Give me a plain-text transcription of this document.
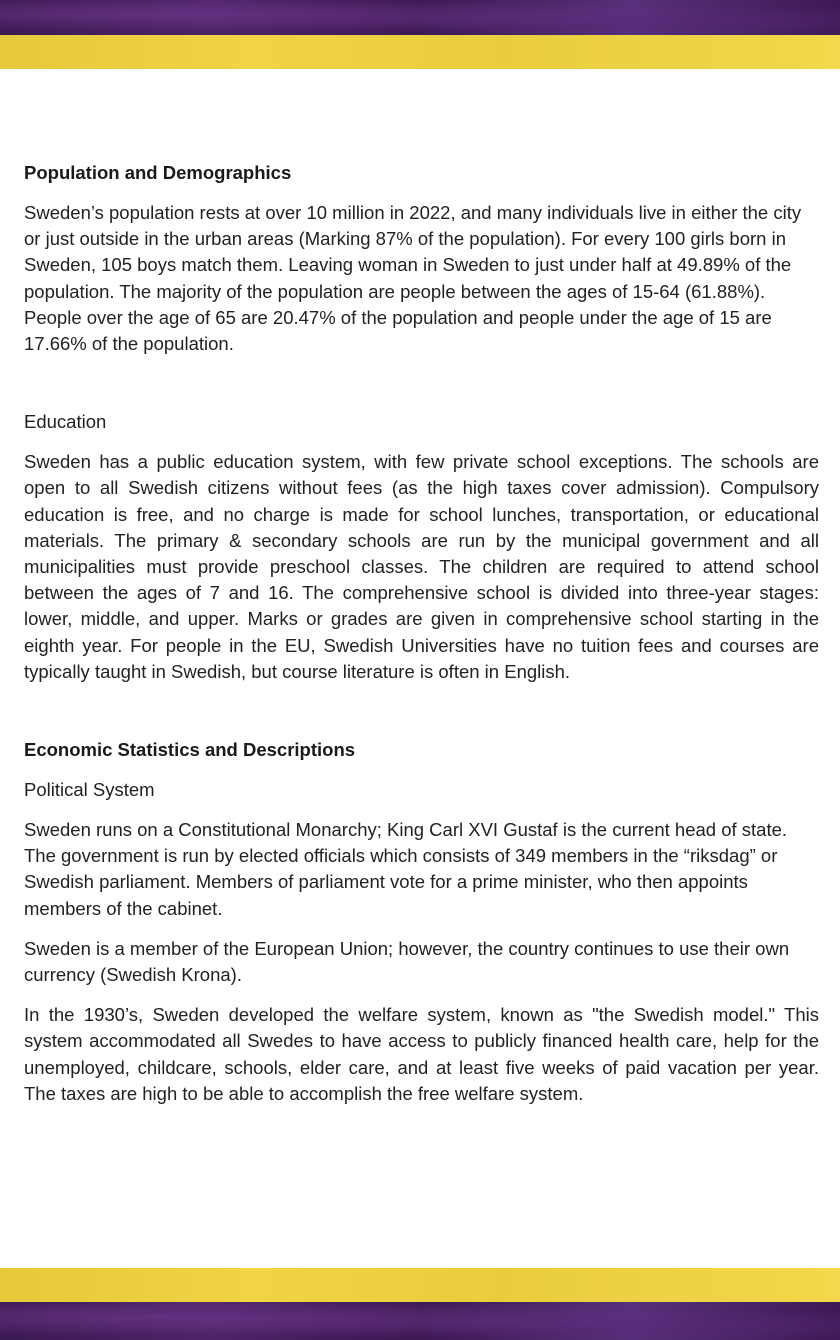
Population and Demographics

Sweden’s population rests at over 10 million in 2022, and many individuals live in either the city or just outside in the urban areas (Marking 87% of the population). For every 100 girls born in Sweden, 105 boys match them. Leaving woman in Sweden to just under half at 49.89% of the population. The majority of the population are people between the ages of 15-64 (61.88%). People over the age of 65 are 20.47% of the population and people under the age of 15 are 17.66% of the population.

Education

Sweden has a public education system, with few private school exceptions. The schools are open to all Swedish citizens without fees (as the high taxes cover admission). Compulsory education is free, and no charge is made for school lunches, transportation, or educational materials. The primary & secondary schools are run by the municipal government and all municipalities must provide preschool classes. The children are required to attend school between the ages of 7 and 16. The comprehensive school is divided into three-year stages: lower, middle, and upper. Marks or grades are given in comprehensive school starting in the eighth year. For people in the EU, Swedish Universities have no tuition fees and courses are typically taught in Swedish, but course literature is often in English.

Economic Statistics and Descriptions
Political System

Sweden runs on a Constitutional Monarchy; King Carl XVI Gustaf is the current head of state. The government is run by elected officials which consists of 349 members in the “riksdag” or Swedish parliament. Members of parliament vote for a prime minister, who then appoints members of the cabinet.

Sweden is a member of the European Union; however, the country continues to use their own currency (Swedish Krona).

In the 1930’s, Sweden developed the welfare system, known as "the Swedish model." This system accommodated all Swedes to have access to publicly financed health care, help for the unemployed, childcare, schools, elder care, and at least five weeks of paid vacation per year. The taxes are high to be able to accomplish the free welfare system.
